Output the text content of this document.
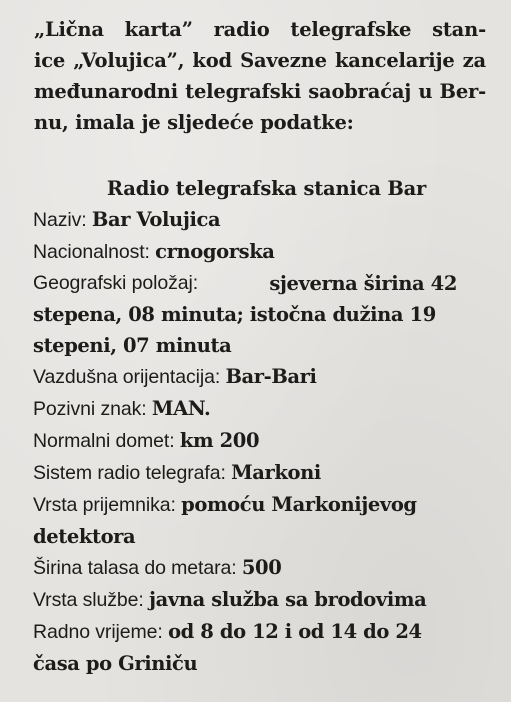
„Lična karta” radio telegrafske stan-
ice „Volujica”, kod Savezne kancelarije za
međunarodni telegrafski saobraćaj u Ber-
nu, imala je sljedeće podatke:

Radio telegrafska stanica Bar
Naziv: Bar Volujica
Nacionalnost: crnogorska
Geografski položaj:	sjeverna širina 42
stepena, 08 minuta; istočna dužina 19
stepeni, 07 minuta
Vazdušna orijentacija: Bar-Bari
Pozivni znak: MAN.
Normalni domet: km 200
Sistem radio telegrafa: Markoni
Vrsta prijemnika: pomoću Markonijevog
detektora
Širina talasa do metara: 500
Vrsta službe: javna služba sa brodovima
Radno vrijeme: od 8 do 12 i od 14 do 24
časa po Griniču
